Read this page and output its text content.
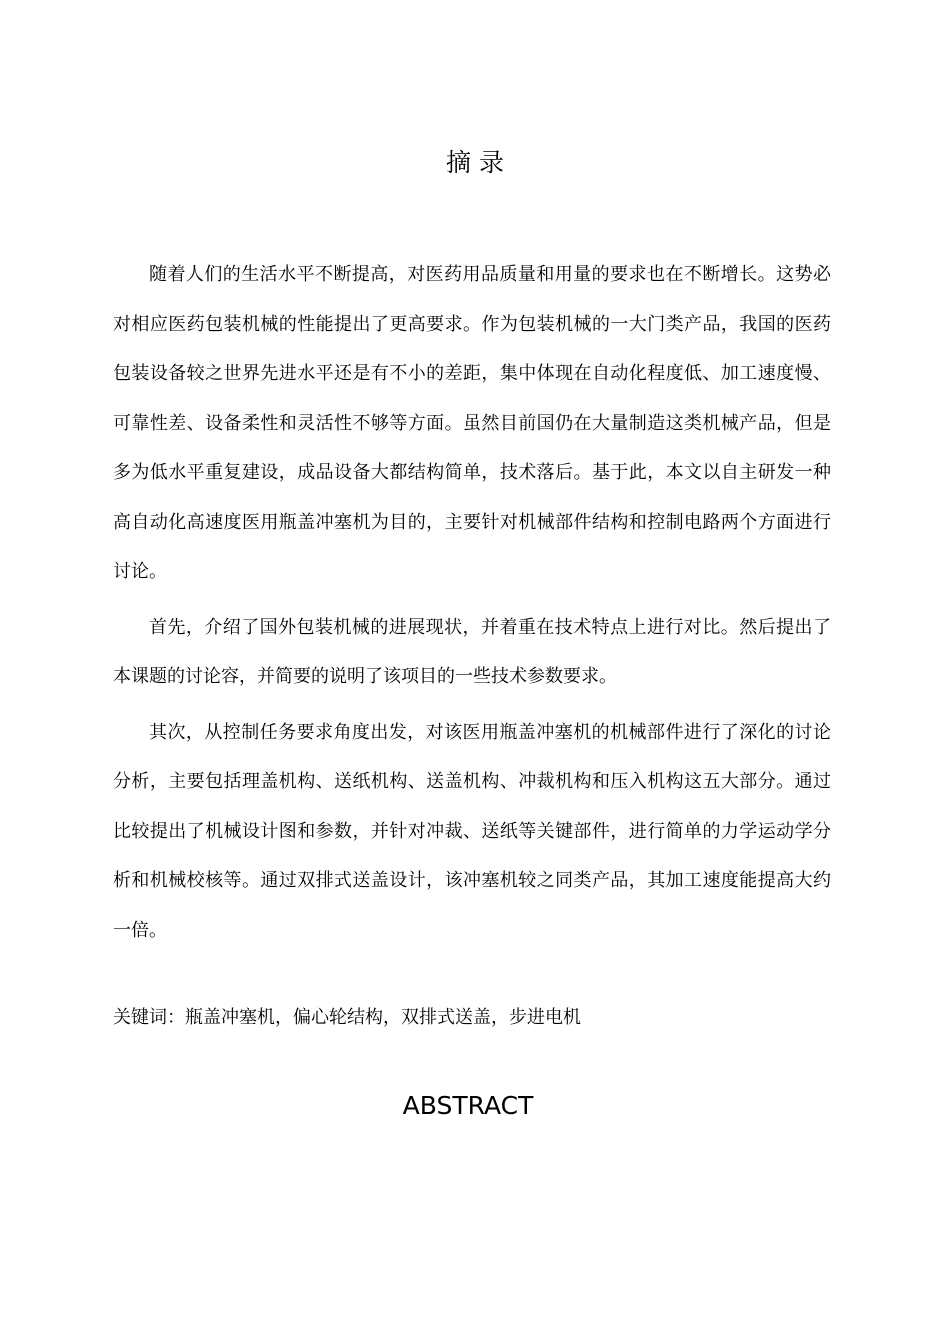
摘 录

随着人们的生活水平不断提高，对医药用品质量和用量的要求也在不断增长。这势必对相应医药包装机械的性能提出了更高要求。作为包装机械的一大门类产品，我国的医药包装设备较之世界先进水平还是有不小的差距，集中体现在自动化程度低、加工速度慢、可靠性差、设备柔性和灵活性不够等方面。虽然目前国仍在大量制造这类机械产品，但是多为低水平重复建设，成品设备大都结构简单，技术落后。基于此，本文以自主研发一种高自动化高速度医用瓶盖冲塞机为目的，主要针对机械部件结构和控制电路两个方面进行讨论。

首先，介绍了国外包装机械的进展现状，并着重在技术特点上进行对比。然后提出了本课题的讨论容，并简要的说明了该项目的一些技术参数要求。

其次，从控制任务要求角度出发，对该医用瓶盖冲塞机的机械部件进行了深化的讨论分析，主要包括理盖机构、送纸机构、送盖机构、冲裁机构和压入机构这五大部分。通过比较提出了机械设计图和参数，并针对冲裁、送纸等关键部件，进行简单的力学运动学分析和机械校核等。通过双排式送盖设计，该冲塞机较之同类产品，其加工速度能提高大约一倍。

关键词：瓶盖冲塞机，偏心轮结构，双排式送盖，步进电机

ABSTRACT
